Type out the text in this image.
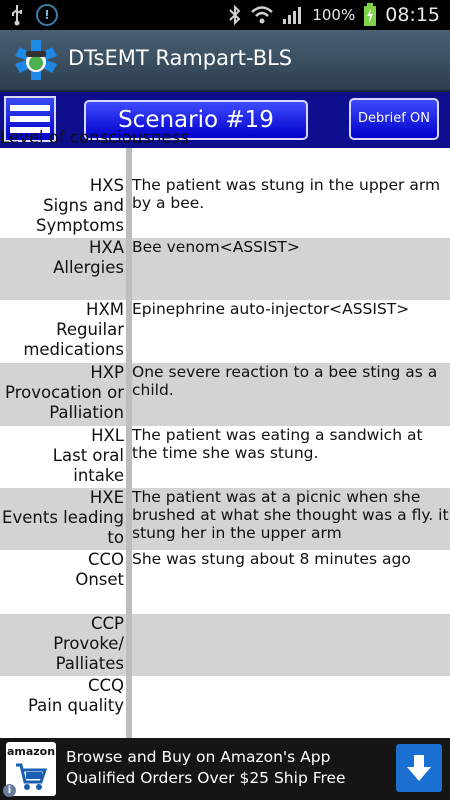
!	100% 08:15
DTsEMT Rampart-BLS
Scenario #19	Debrief ON
Level of consciousness
HXS
Signs and Symptoms
The patient was stung in the upper arm by a bee.
HXA
Allergies
Bee venom<ASSIST>
HXM
Reguilar medications
Epinephrine auto-injector<ASSIST>
HXP
Provocation or Palliation
One severe reaction to a bee sting as a child.
HXL
Last oral intake
The patient was eating a sandwich at the time she was stung.
HXE
Events leading to
The patient was at a picnic when she brushed at what she thought was a fly. it stung her in the upper arm
CCO
Onset
She was stung about 8 minutes ago
CCP
Provoke/ Palliates
CCQ
Pain quality
amazon Browse and Buy on Amazon's App Qualified Orders Over $25 Ship Free
i
